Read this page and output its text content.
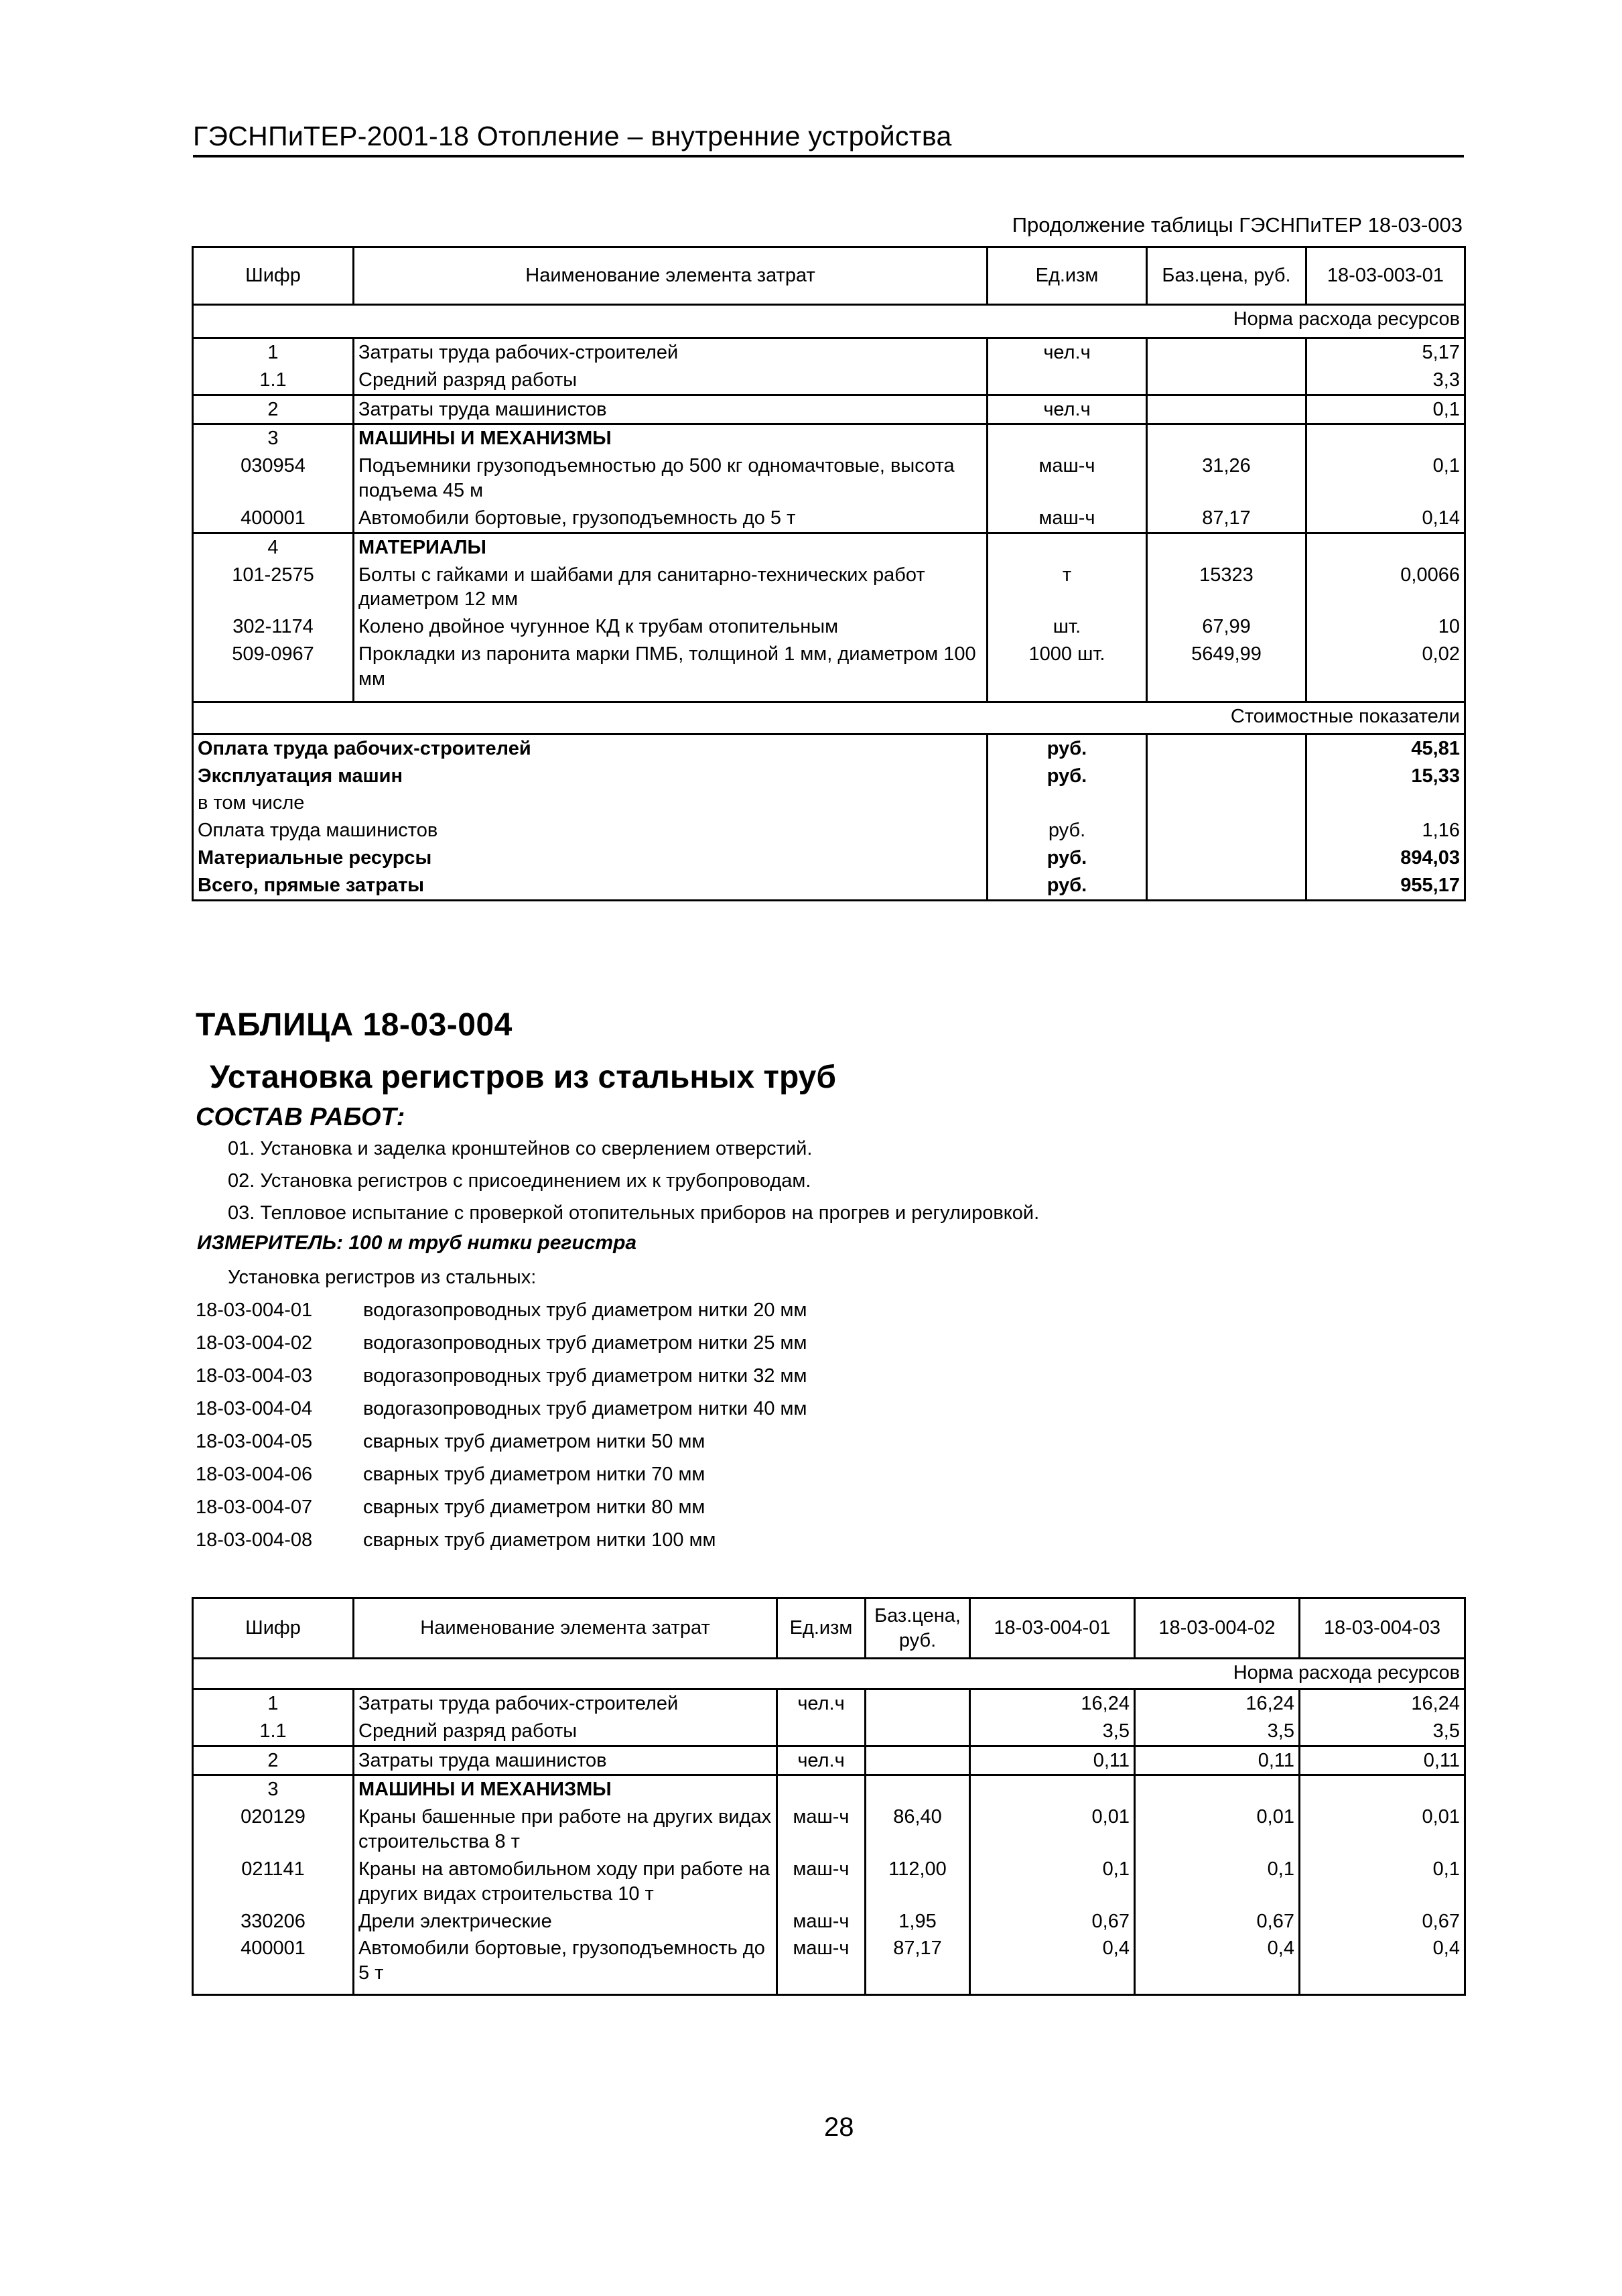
ГЭСНПиТЕР-2001-18 Отопление – внутренние устройства
Продолжение таблицы ГЭСНПиТЕР 18-03-003
Шифр	Наименование элемента затрат	Ед.изм	Баз.цена, руб.	18-03-003-01
Норма расхода ресурсов				
1	Затраты труда рабочих-строителей	чел.ч		5,17
1.1	Средний разряд работы			3,3
2	Затраты труда машинистов	чел.ч		0,1
3	МАШИНЫ И МЕХАНИЗМЫ			
030954	Подъемники грузоподъемностью до 500 кг одномачтовые, высота подъема 45 м	маш-ч	31,26	0,1
400001	Автомобили бортовые, грузоподъемность до 5 т	маш-ч	87,17	0,14
4	МАТЕРИАЛЫ			
101-2575	Болты с гайками и шайбами для санитарно-технических работ диаметром 12 мм	т	15323	0,0066
302-1174	Колено двойное чугунное КД к трубам отопительным	шт.	67,99	10
509-0967	Прокладки из паронита марки ПМБ, толщиной 1 мм, диаметром 100 мм	1000 шт.	5649,99	0,02
Стоимостные показатели				
Оплата труда рабочих-строителей		руб.		45,81
Эксплуатация машин		руб.		15,33
в том числе				
Оплата труда машинистов		руб.		1,16
Материальные ресурсы		руб.		894,03
Всего, прямые затраты		руб.		955,17
ТАБЛИЦА 18-03-004
Установка регистров из стальных труб
СОСТАВ РАБОТ:
01. Установка и заделка кронштейнов со сверлением отверстий.
02. Установка регистров с присоединением их к трубопроводам.
03. Тепловое испытание с проверкой отопительных приборов на прогрев и регулировкой.
ИЗМЕРИТЕЛЬ: 100 м труб нитки регистра
Установка регистров из стальных:
18-03-004-01	водогазопроводных труб диаметром нитки 20 мм
18-03-004-02	водогазопроводных труб диаметром нитки 25 мм
18-03-004-03	водогазопроводных труб диаметром нитки 32 мм
18-03-004-04	водогазопроводных труб диаметром нитки 40 мм
18-03-004-05	сварных труб диаметром нитки 50 мм
18-03-004-06	сварных труб диаметром нитки 70 мм
18-03-004-07	сварных труб диаметром нитки 80 мм
18-03-004-08	сварных труб диаметром нитки 100 мм
Шифр	Наименование элемента затрат	Ед.изм	Баз.цена, руб.	18-03-004-01	18-03-004-02	18-03-004-03
Норма расхода ресурсов						
1	Затраты труда рабочих-строителей	чел.ч		16,24	16,24	16,24
1.1	Средний разряд работы			3,5	3,5	3,5
2	Затраты труда машинистов	чел.ч		0,11	0,11	0,11
3	МАШИНЫ И МЕХАНИЗМЫ					
020129	Краны башенные при работе на других видах строительства 8 т	маш-ч	86,40	0,01	0,01	0,01
021141	Краны на автомобильном ходу при работе на других видах строительства 10 т	маш-ч	112,00	0,1	0,1	0,1
330206	Дрели электрические	маш-ч	1,95	0,67	0,67	0,67
400001	Автомобили бортовые, грузоподъемность до 5 т	маш-ч	87,17	0,4	0,4	0,4
28
